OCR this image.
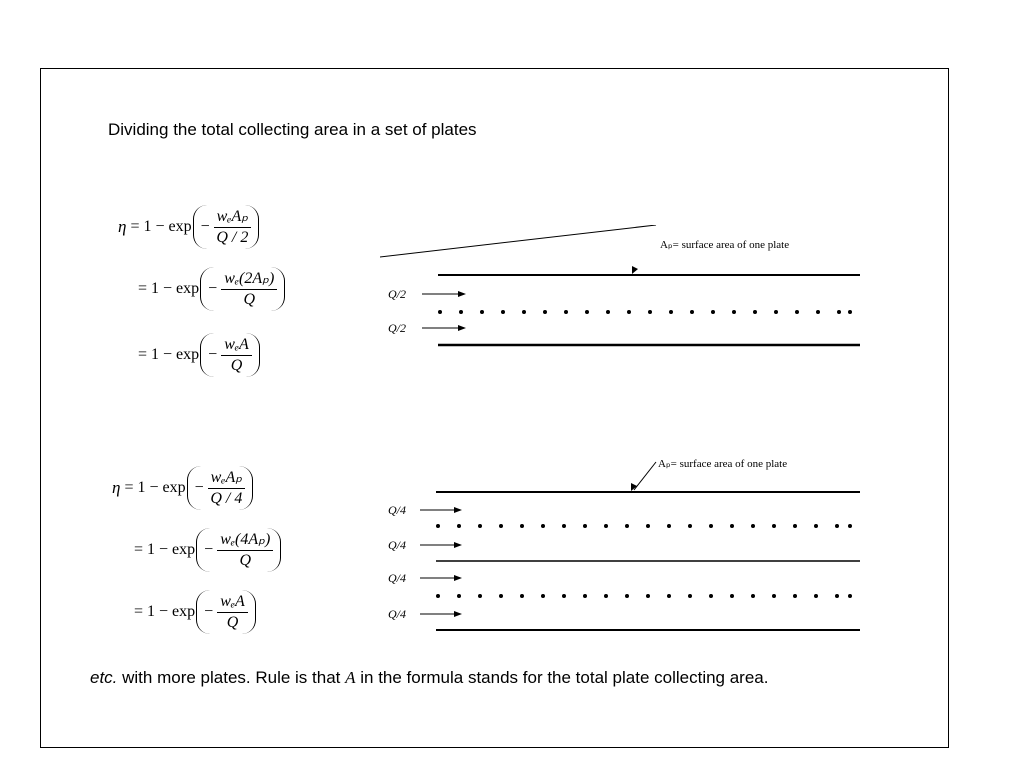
Dividing the total collecting area in a set of plates
$\eta = 1 - \exp - \frac{\text{wₑAₚ}}{Q / 2}$
= $1 - \exp - \frac{\text{wₑ(2Aₚ)}}{Q}$
= $1 - \exp - \frac{\text{wₑA}}{Q}$
$\eta = 1 - \exp - \frac{\text{wₑAₚ}}{Q / 4}$
= $1 - \exp - \frac{\text{wₑ(4Aₚ)}}{Q}$
= $1 - \exp - \frac{\text{wₑA}}{Q}$
Aₚ= surface area of one plate
Q/2
Q/2
Aₚ= surface area of one plate
Q/4
Q/4
Q/4
Q/4
etc. with more plates. Rule is that A in the formula stands for the total plate collecting area.
